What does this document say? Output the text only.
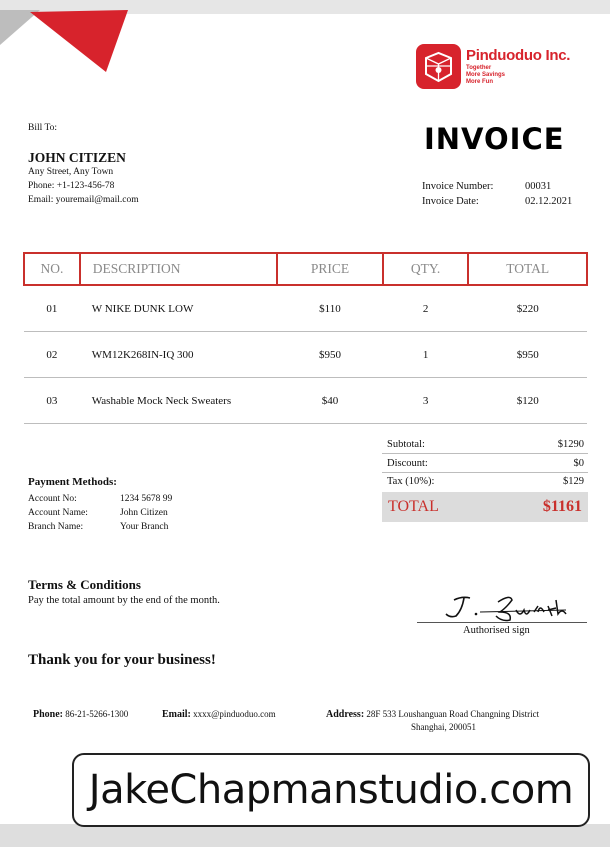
Pinduoduo Inc.
Together
More Savings
More Fun
Bill To:
JOHN CITIZEN
Any Street, Any Town
Phone: +1-123-456-78
Email: youremail@mail.com
INVOICE
Invoice Number:	00031
Invoice Date:	02.12.2021
NO.	DESCRIPTION	PRICE	QTY.	TOTAL
01	W NIKE DUNK LOW	$110	2	$220
02	WM12K268IN-IQ 300	$950	1	$950
03	Washable Mock Neck Sweaters	$40	3	$120
Subtotal:	$1290
Discount:	$0
Tax (10%):	$129
TOTAL	$1161
Payment Methods:
Account No:	1234 5678 99
Account Name:	John Citizen
Branch Name:	Your Branch
Terms & Conditions
Pay the total amount by the end of the month.
Authorised sign
Thank you for your business!
Phone: 86-21-5266-1300	Email: xxxx@pinduoduo.com	Address: 28F 533 Loushanguan Road Changning District
Shanghai, 200051
JakeChapmanstudio.com
